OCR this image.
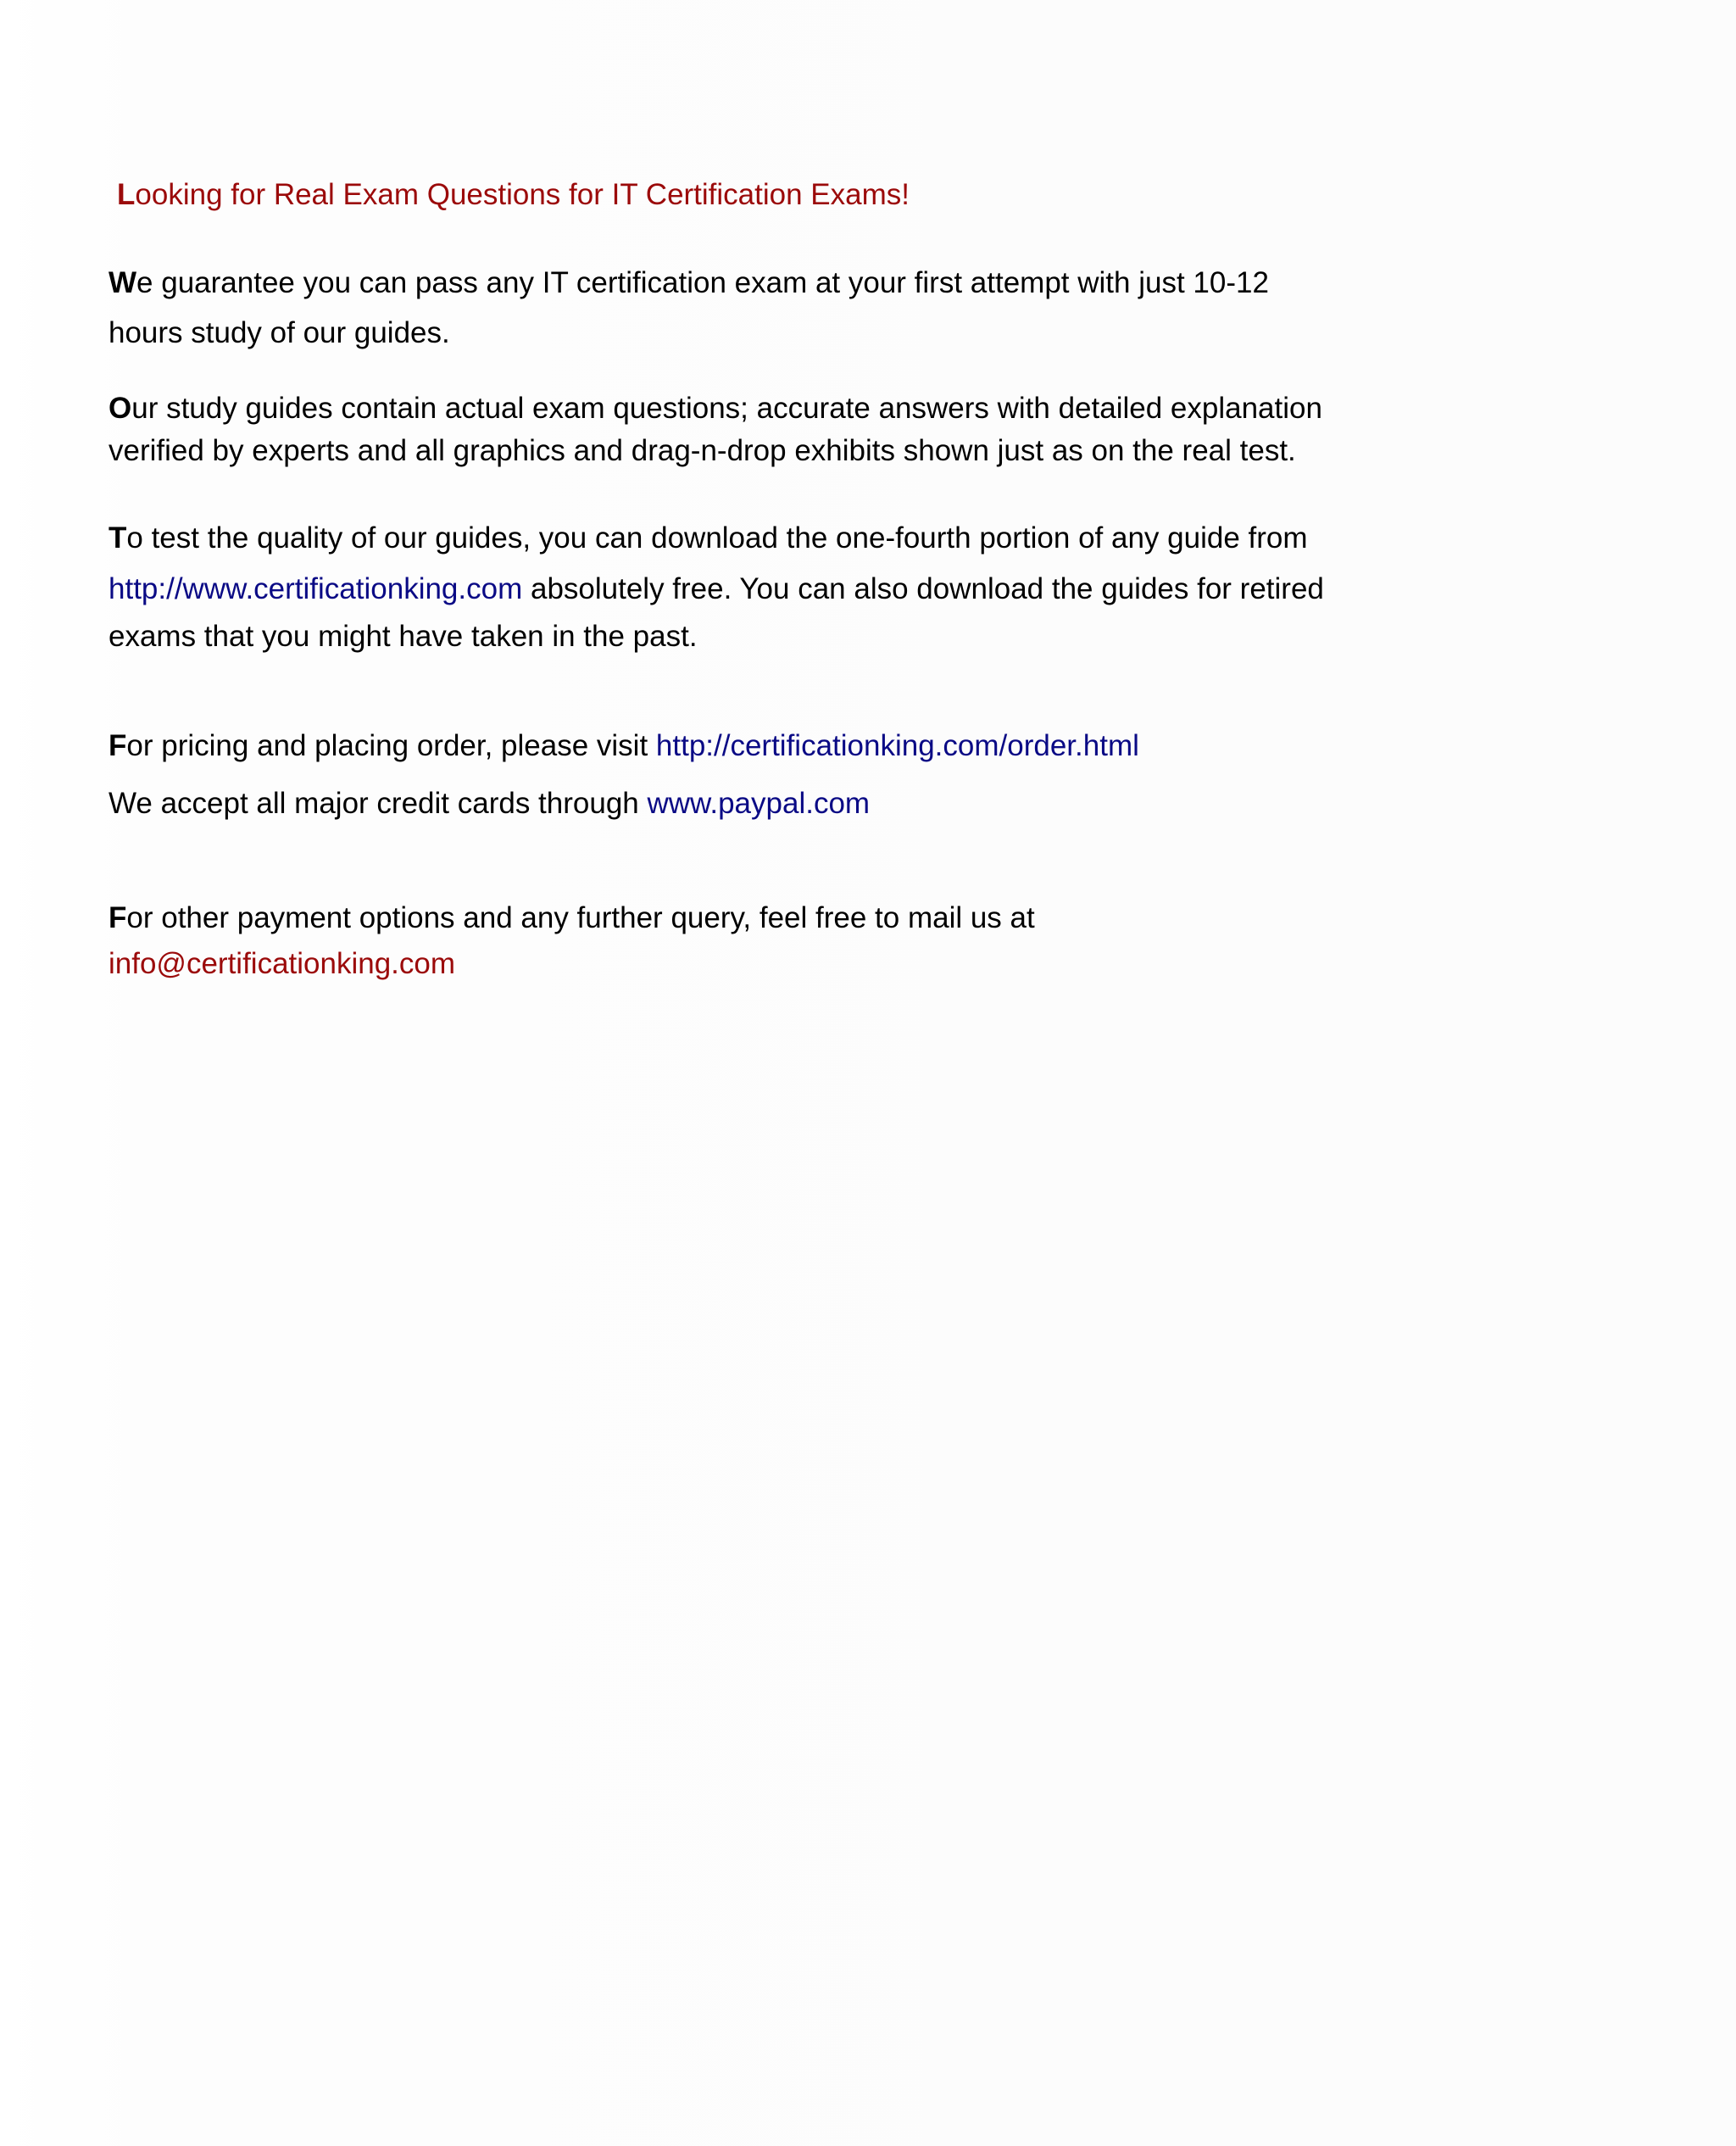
Looking for Real Exam Questions for IT Certification Exams!
We guarantee you can pass any IT certification exam at your first attempt with just 10-12
hours study of our guides.
Our study guides contain actual exam questions; accurate answers with detailed explanation
verified by experts and all graphics and drag-n-drop exhibits shown just as on the real test.
To test the quality of our guides, you can download the one-fourth portion of any guide from
http://www.certificationking.com absolutely free. You can also download the guides for retired
exams that you might have taken in the past.
For pricing and placing order, please visit http://certificationking.com/order.html
We accept all major credit cards through www.paypal.com
For other payment options and any further query, feel free to mail us at
info@certificationking.com
